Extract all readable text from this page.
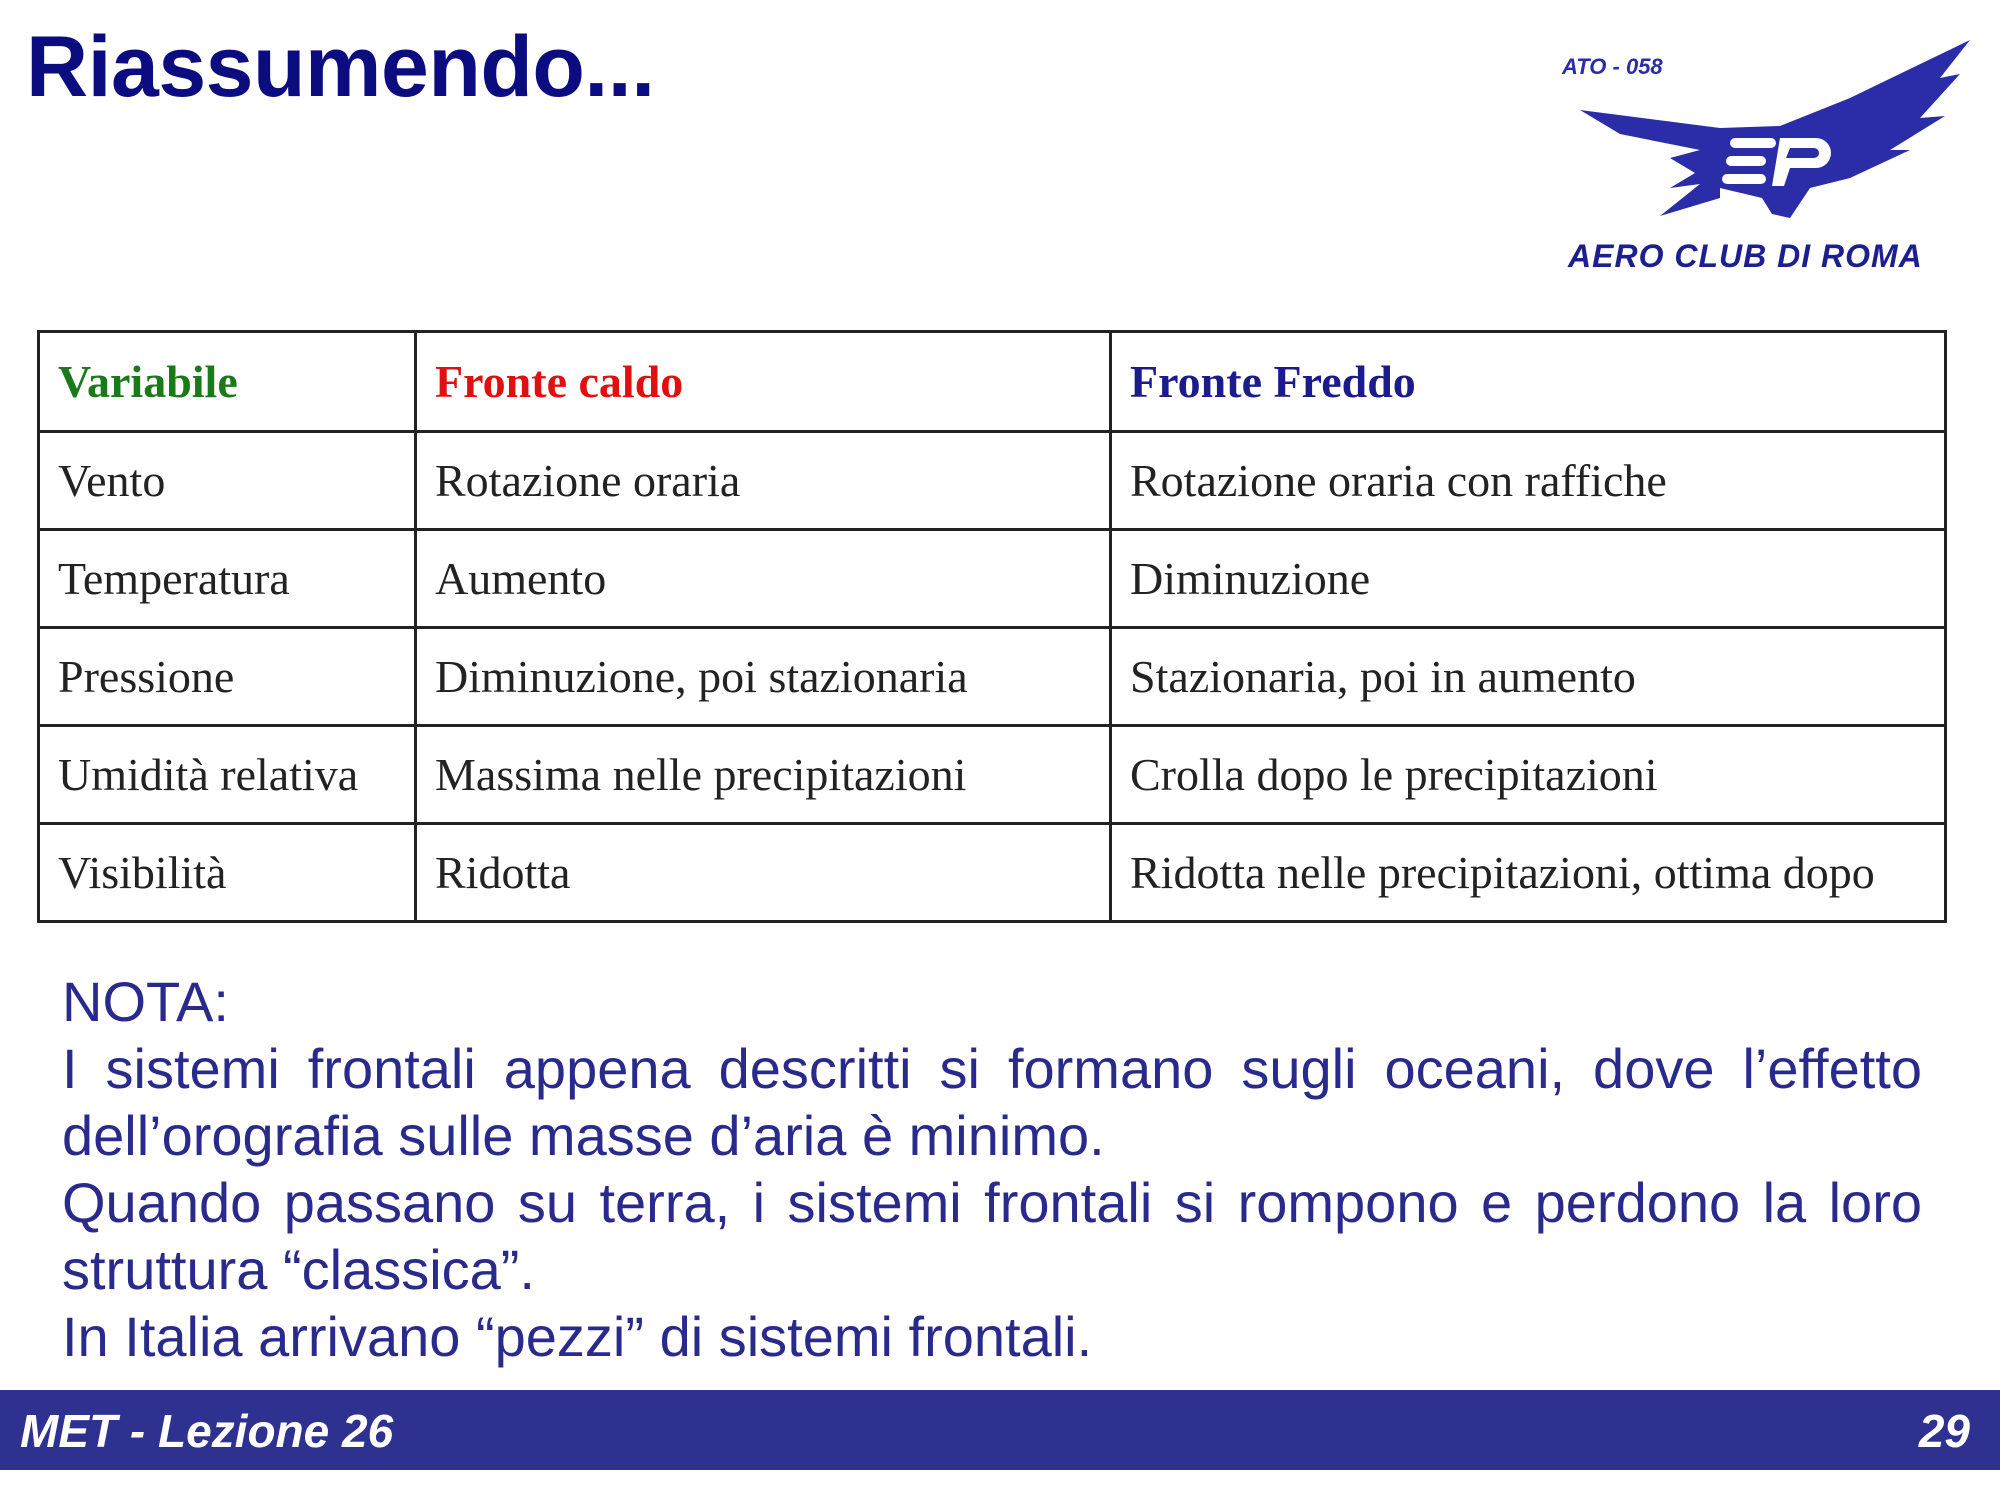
Riassumendo...	ATO - 058
AERO CLUB DI ROMA
Variabile	Fronte caldo	Fronte Freddo
Vento	Rotazione oraria	Rotazione oraria con raffiche
Temperatura	Aumento	Diminuzione
Pressione	Diminuzione, poi stazionaria	Stazionaria, poi in aumento
Umidità relativa	Massima nelle precipitazioni	Crolla dopo le precipitazioni
Visibilità	Ridotta	Ridotta nelle precipitazioni, ottima dopo

NOTA:

I sistemi frontali appena descritti si formano sugli oceani, dove l’effetto dell’orografia sulle masse d’aria è minimo.

Quando passano su terra, i sistemi frontali si rompono e perdono la loro struttura “classica”.

In Italia arrivano “pezzi” di sistemi frontali.

MET - Lezione 26	29
